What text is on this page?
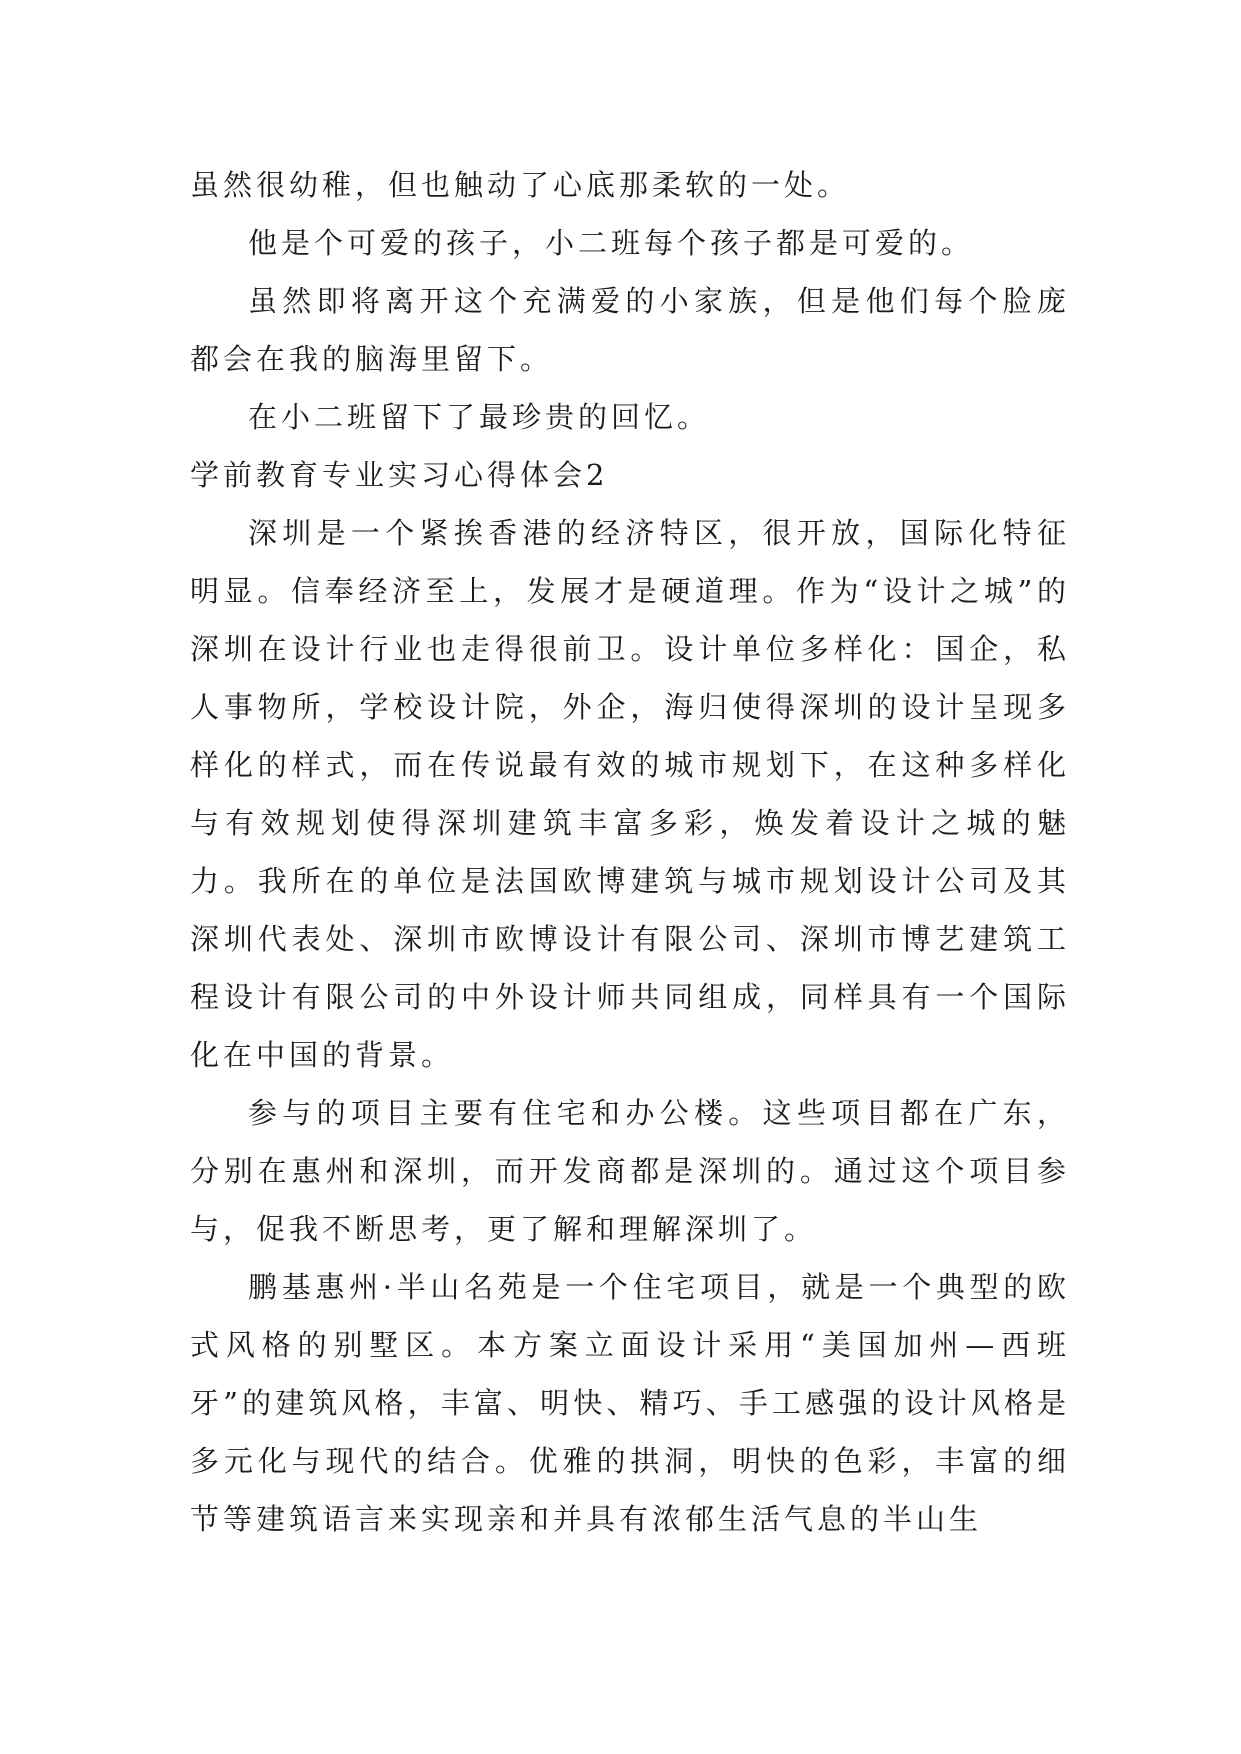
虽然很幼稚，但也触动了心底那柔软的一处。

他是个可爱的孩子，小二班每个孩子都是可爱的。

虽然即将离开这个充满爱的小家族，但是他们每个脸庞都会在我的脑海里留下。

在小二班留下了最珍贵的回忆。

学前教育专业实习心得体会2

深圳是一个紧挨香港的经济特区，很开放，国际化特征明显。信奉经济至上，发展才是硬道理。作为“设计之城”的深圳在设计行业也走得很前卫。设计单位多样化：国企，私人事物所，学校设计院，外企，海归使得深圳的设计呈现多样化的样式，而在传说最有效的城市规划下，在这种多样化与有效规划使得深圳建筑丰富多彩，焕发着设计之城的魅力。我所在的单位是法国欧博建筑与城市规划设计公司及其深圳代表处、深圳市欧博设计有限公司、深圳市博艺建筑工程设计有限公司的中外设计师共同组成，同样具有一个国际化在中国的背景。

参与的项目主要有住宅和办公楼。这些项目都在广东，分别在惠州和深圳，而开发商都是深圳的。通过这个项目参与，促我不断思考，更了解和理解深圳了。

鹏基惠州·半山名苑是一个住宅项目，就是一个典型的欧式风格的别墅区。本方案立面设计采用“美国加州—西班牙”的建筑风格，丰富、明快、精巧、手工感强的设计风格是多元化与现代的结合。优雅的拱洞，明快的色彩，丰富的细节等建筑语言来实现亲和并具有浓郁生活气息的半山生
